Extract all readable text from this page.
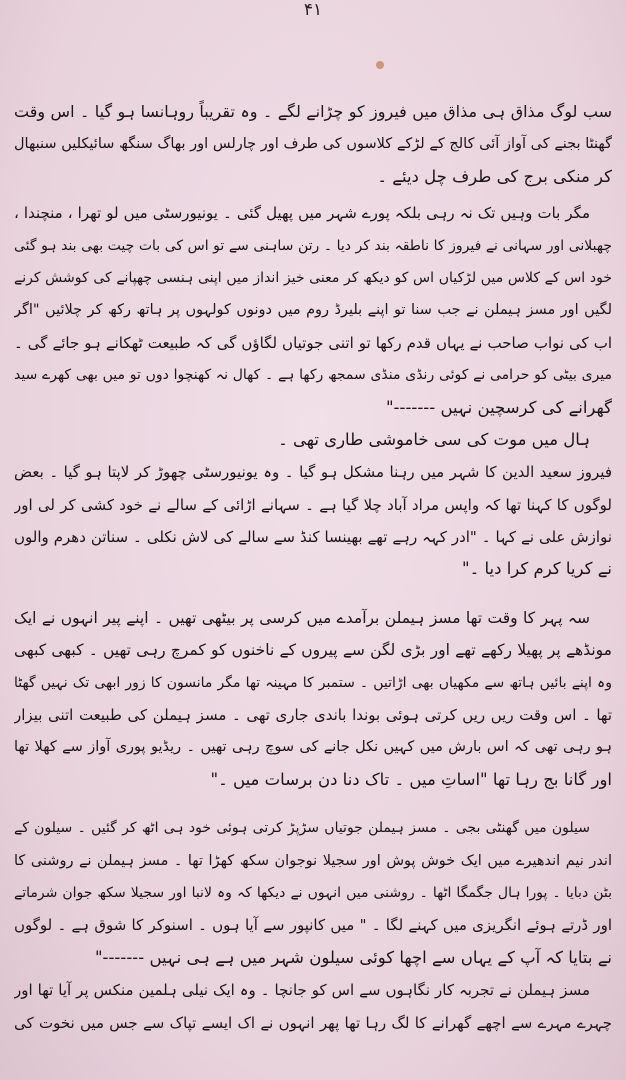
۴۱
سب لوگ مذاق ہی مذاق میں فیروز کو چڑانے لگے ۔ وہ تقریباً روہانسا ہو گیا ۔ اس وقت
گھنٹا بجنے کی آواز آئی کالج کے لڑکے کلاسوں کی طرف اور چارلس اور بھاگ سنگھ سائیکلیں سنبھال
کر منکی برج کی طرف چل دیئے ۔
مگر بات وہیں تک نہ رہی بلکہ پورے شہر میں پھیل گئی ۔ یونیورسٹی میں لو تھرا ، منچندا ،
چھبلانی اور سہانی نے فیروز کا ناطقہ بند کر دیا ۔ رتن ساہنی سے تو اس کی بات چیت بھی بند ہو گئی
خود اس کے کلاس میں لڑکیاں اس کو دیکھ کر معنی خیز انداز میں اپنی ہنسی چھپانے کی کوشش کرنے
لگیں اور مسز ہیملن نے جب سنا تو اپنے بلیرڈ روم میں دونوں کولہوں پر ہاتھ رکھ کر چلائیں "اگر
اب کی نواب صاحب نے یہاں قدم رکھا تو اتنی جوتیاں لگاؤں گی کہ طبیعت ٹھکانے ہو جائے گی ۔
میری بیٹی کو حرامی نے کوئی رنڈی منڈی سمجھ رکھا ہے ۔ کھال نہ کھنچوا دوں تو میں بھی کھرے سید
گھرانے کی کرسچین نہیں -------"
ہال میں موت کی سی خاموشی طاری تھی ۔
فیروز سعید الدین کا شہر میں رہنا مشکل ہو گیا ۔ وہ یونیورسٹی چھوڑ کر لاپتا ہو گیا ۔ بعض
لوگوں کا کہنا تھا کہ واپس مراد آباد چلا گیا ہے ۔ سہانے اڑائی کے سالے نے خود کشی کر لی اور
نوازش علی نے کہا ۔ "ادر کہہ رہے تھے بھینسا کنڈ سے سالے کی لاش نکلی ۔ سناتن دھرم والوں
نے کریا کرم کرا دیا ۔"
سہ پہر کا وقت تھا مسز ہیملن برآمدے میں کرسی پر بیٹھی تھیں ۔ اپنے پیر انہوں نے ایک
مونڈھے پر پھیلا رکھے تھے اور بڑی لگن سے پیروں کے ناخنوں کو کمرچ رہی تھیں ۔ کبھی کبھی
وہ اپنے بائیں ہاتھ سے مکھیاں بھی اڑاتیں ۔ ستمبر کا مہینہ تھا مگر مانسون کا زور ابھی تک نہیں گھٹا
تھا ۔ اس وقت ریں ریں کرتی ہوئی بوندا باندی جاری تھی ۔ مسز ہیملن کی طبیعت اتنی بیزار
ہو رہی تھی کہ اس بارش میں کہیں نکل جانے کی سوچ رہی تھیں ۔ ریڈیو پوری آواز سے کھلا تھا
اور گانا بج رہا تھا "اساتِ میں ۔ تاک دنا دن برسات میں ۔"
سیلون میں گھنٹی بجی ۔ مسز ہیملن جوتیاں سڑپڑ کرتی ہوئی خود ہی اٹھ کر گئیں ۔ سیلون کے
اندر نیم اندھیرے میں ایک خوش پوش اور سجیلا نوجوان سکھ کھڑا تھا ۔ مسز ہیملن نے روشنی کا
بٹن دبایا ۔ پورا ہال جگمگا اٹھا ۔ روشنی میں انہوں نے دیکھا کہ وہ لانبا اور سجیلا سکھ جوان شرماتے
اور ڈرتے ہوئے انگریزی میں کہنے لگا ۔ " میں کانپور سے آیا ہوں ۔ اسنوکر کا شوق ہے ۔ لوگوں
نے بتایا کہ آپ کے یہاں سے اچھا کوئی سیلون شہر میں ہے ہی نہیں -------"
مسز ہیملن نے تجربہ کار نگاہوں سے اس کو جانچا ۔ وہ ایک نیلی ہلمین منکس پر آیا تھا اور
چہرے مہرے سے اچھے گھرانے کا لگ رہا تھا پھر انہوں نے اک ایسے تپاک سے جس میں نخوت کی
